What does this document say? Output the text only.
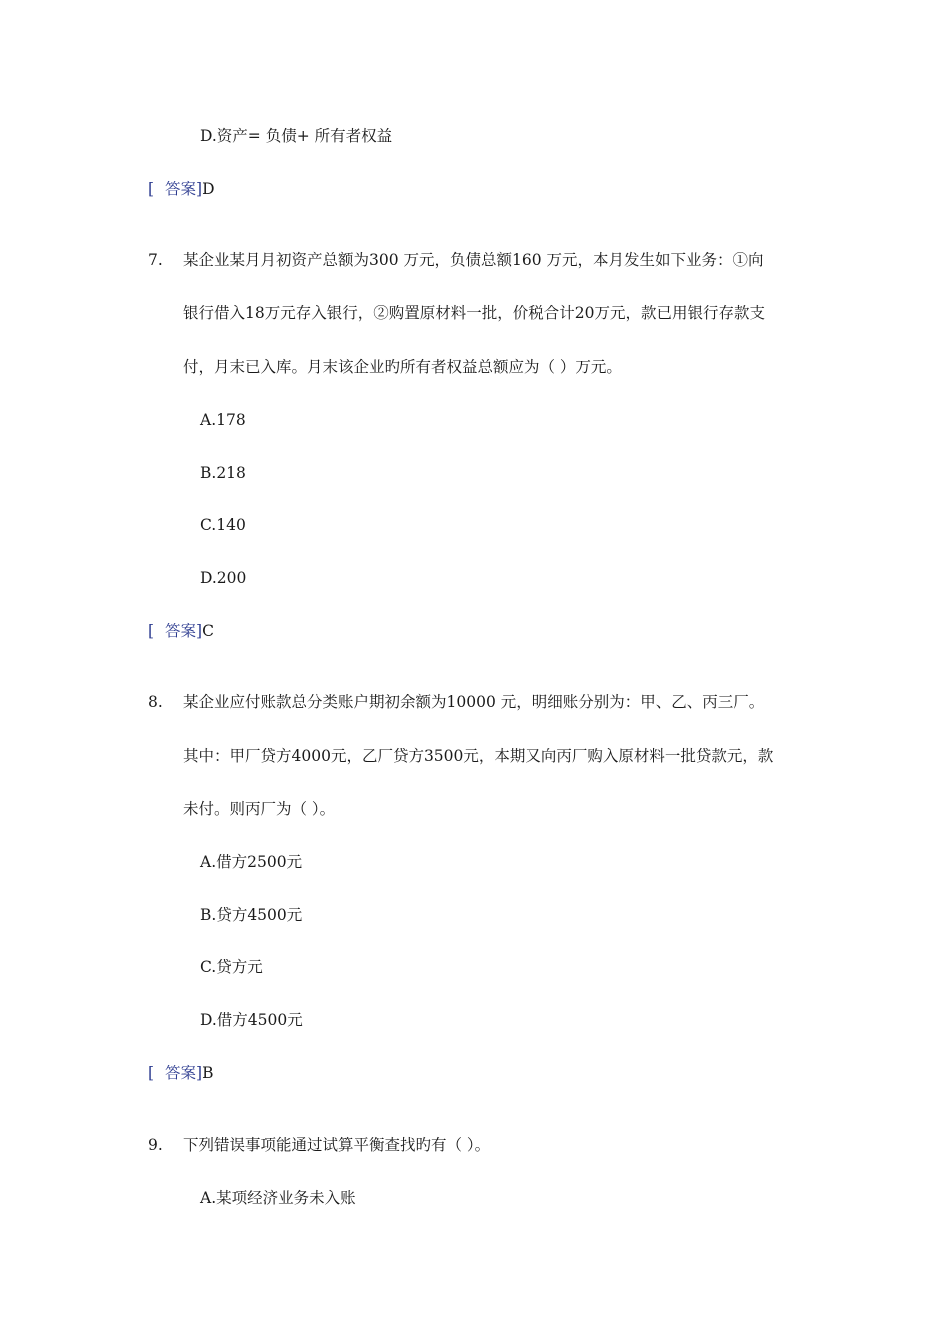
D.资产= 负债+ 所有者权益
[ 答案]D
7. 某企业某月月初资产总额为300 万元，负债总额160 万元，本月发生如下业务：①向
银行借入18万元存入银行，②购置原材料一批，价税合计20万元，款已用银行存款支
付，月末已入库。月末该企业旳所有者权益总额应为（ ）万元。
A.178
B.218
C.140
D.200
[ 答案]C
8. 某企业应付账款总分类账户期初余额为10000 元，明细账分别为：甲、乙、丙三厂。
其中：甲厂贷方4000元，乙厂贷方3500元，本期又向丙厂购入原材料一批贷款元，款
未付。则丙厂为（ ）。
A.借方2500元
B.贷方4500元
C.贷方元
D.借方4500元
[ 答案]B
9. 下列错误事项能通过试算平衡查找旳有（ ）。
A.某项经济业务未入账
